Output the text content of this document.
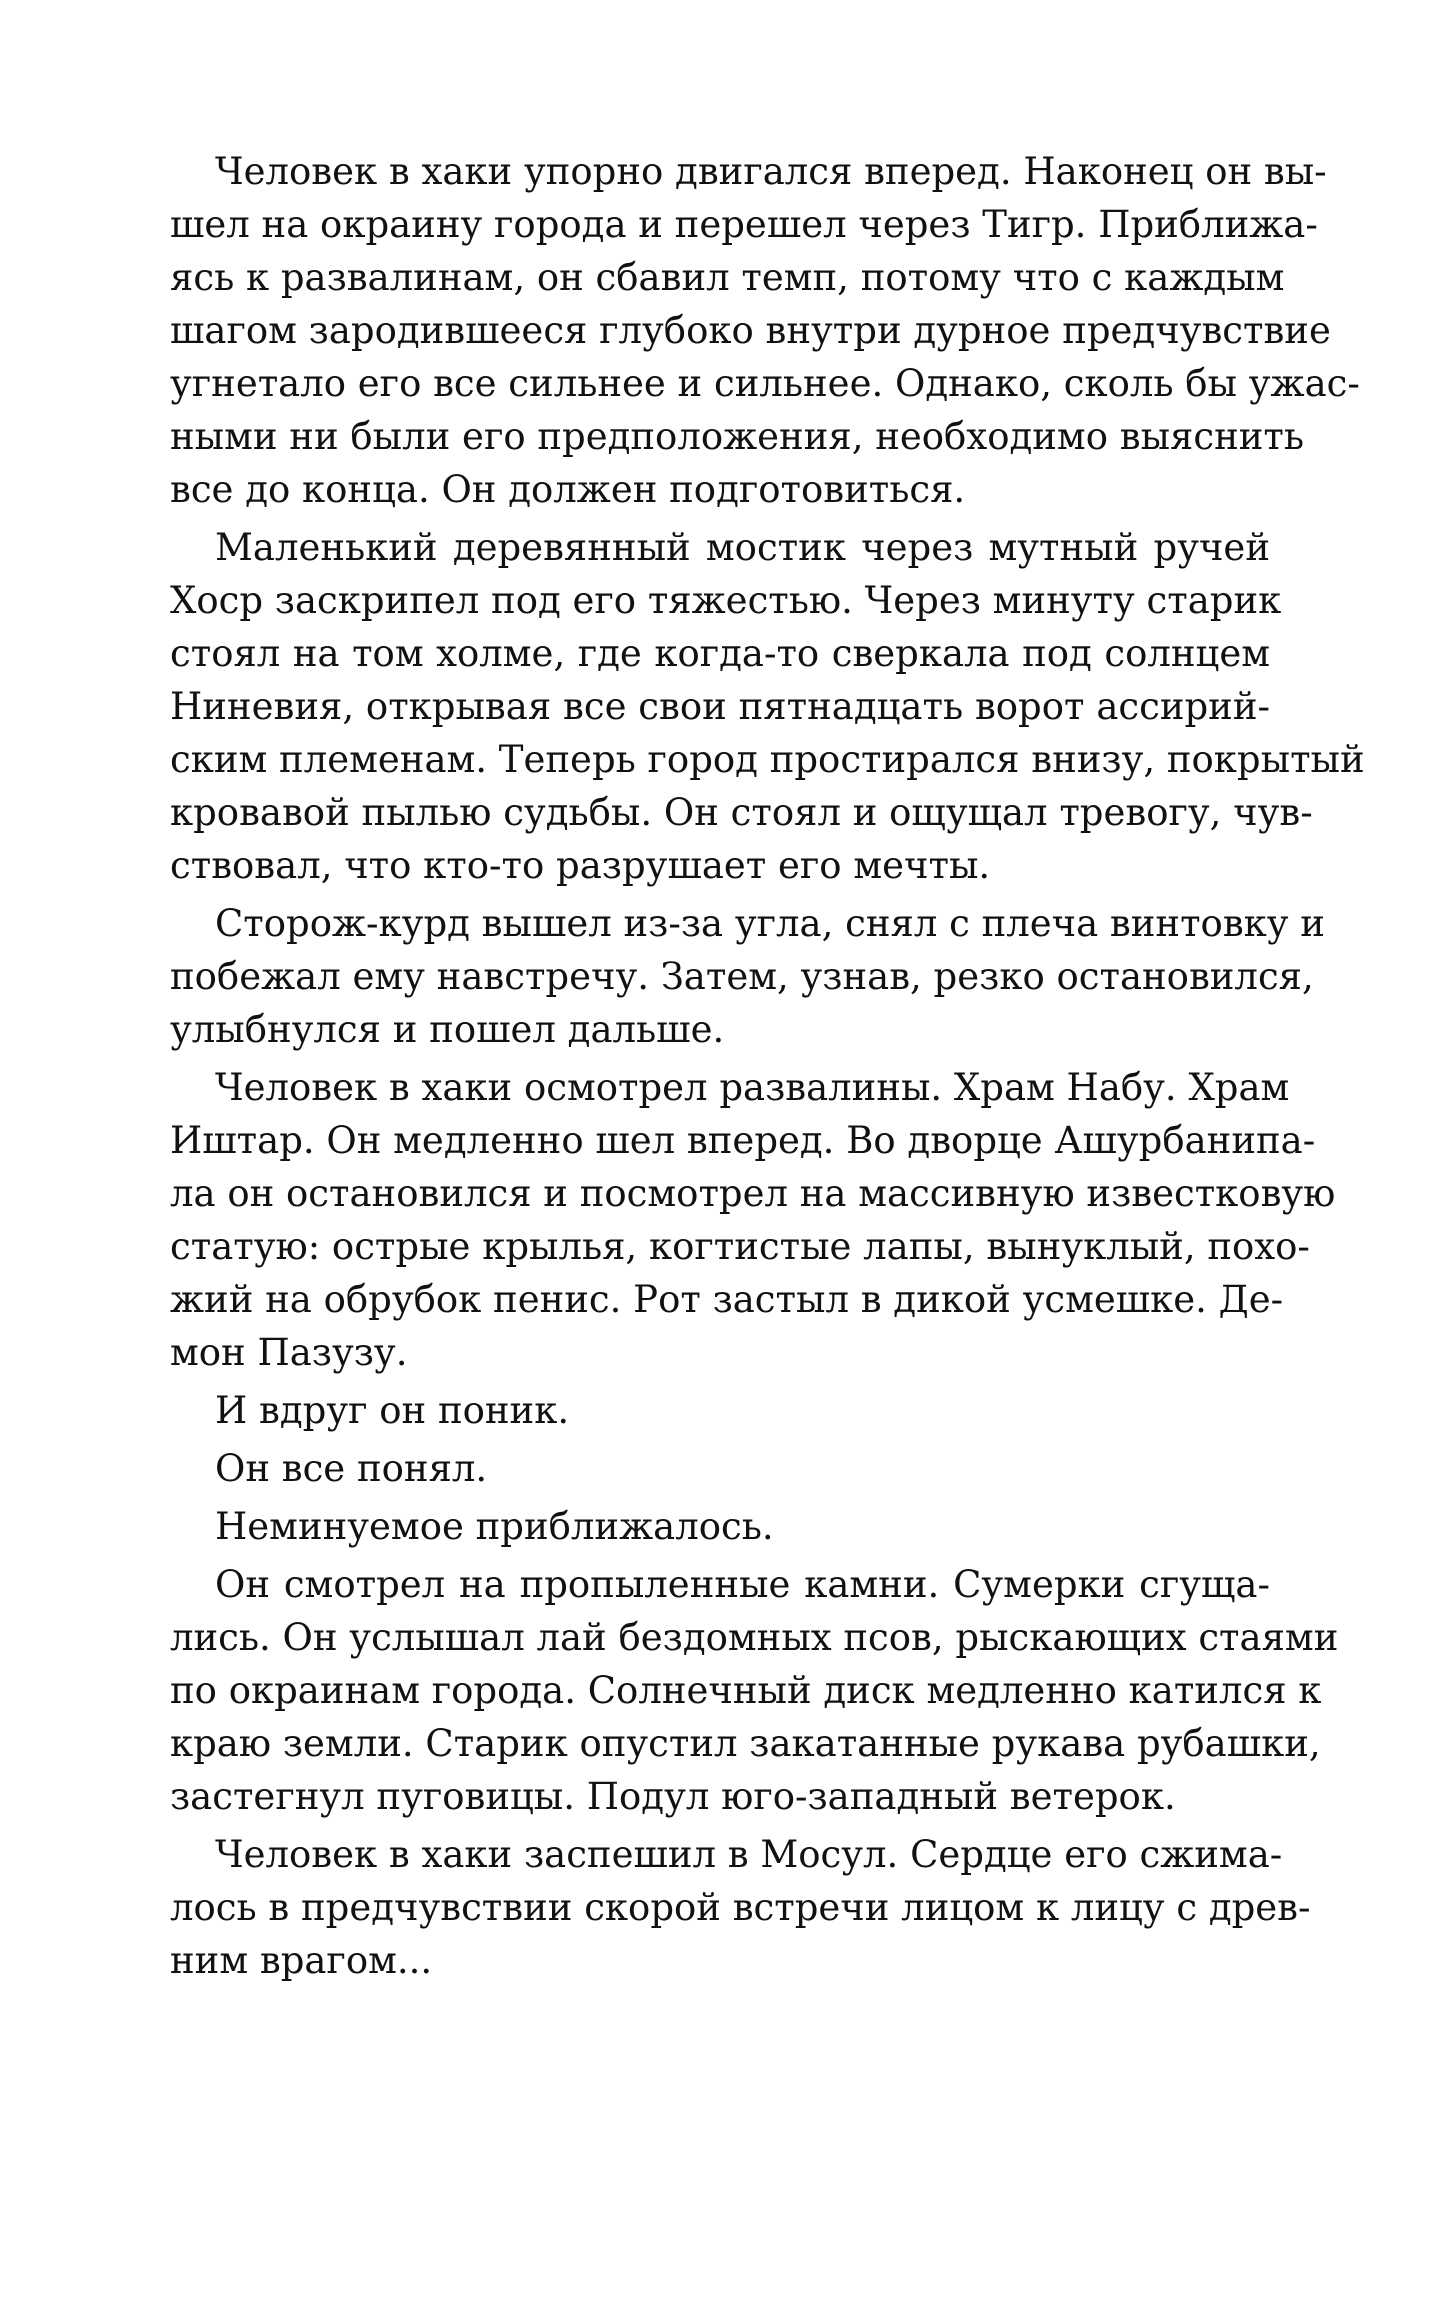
Человек в хаки упорно двигался вперед. Наконец он вы-
шел на окраину города и перешел через Тигр. Приближа-
ясь к развалинам, он сбавил темп, потому что с каждым
шагом зародившееся глубоко внутри дурное предчувствие
угнетало его все сильнее и сильнее. Однако, сколь бы ужас-
ными ни были его предположения, необходимо выяснить
все до конца. Он должен подготовиться.
Маленький деревянный мостик через мутный ручей
Хоср заскрипел под его тяжестью. Через минуту старик
стоял на том холме, где когда-то сверкала под солнцем
Ниневия, открывая все свои пятнадцать ворот ассирий-
ским племенам. Теперь город простирался внизу, покрытый
кровавой пылью судьбы. Он стоял и ощущал тревогу, чув-
ствовал, что кто-то разрушает его мечты.
Сторож-курд вышел из-за угла, снял с плеча винтовку и
побежал ему навстречу. Затем, узнав, резко остановился,
улыбнулся и пошел дальше.
Человек в хаки осмотрел развалины. Храм Набу. Храм
Иштар. Он медленно шел вперед. Во дворце Ашурбанипа-
ла он остановился и посмотрел на массивную известковую
статую: острые крылья, когтистые лапы, вынуклый, похо-
жий на обрубок пенис. Рот застыл в дикой усмешке. Де-
мон Пазузу.
И вдруг он поник.
Он все понял.
Неминуемое приближалось.
Он смотрел на пропыленные камни. Сумерки сгуща-
лись. Он услышал лай бездомных псов, рыскающих стаями
по окраинам города. Солнечный диск медленно катился к
краю земли. Старик опустил закатанные рукава рубашки,
застегнул пуговицы. Подул юго-западный ветерок.
Человек в хаки заспешил в Мосул. Сердце его сжима-
лось в предчувствии скорой встречи лицом к лицу с древ-
ним врагом...
